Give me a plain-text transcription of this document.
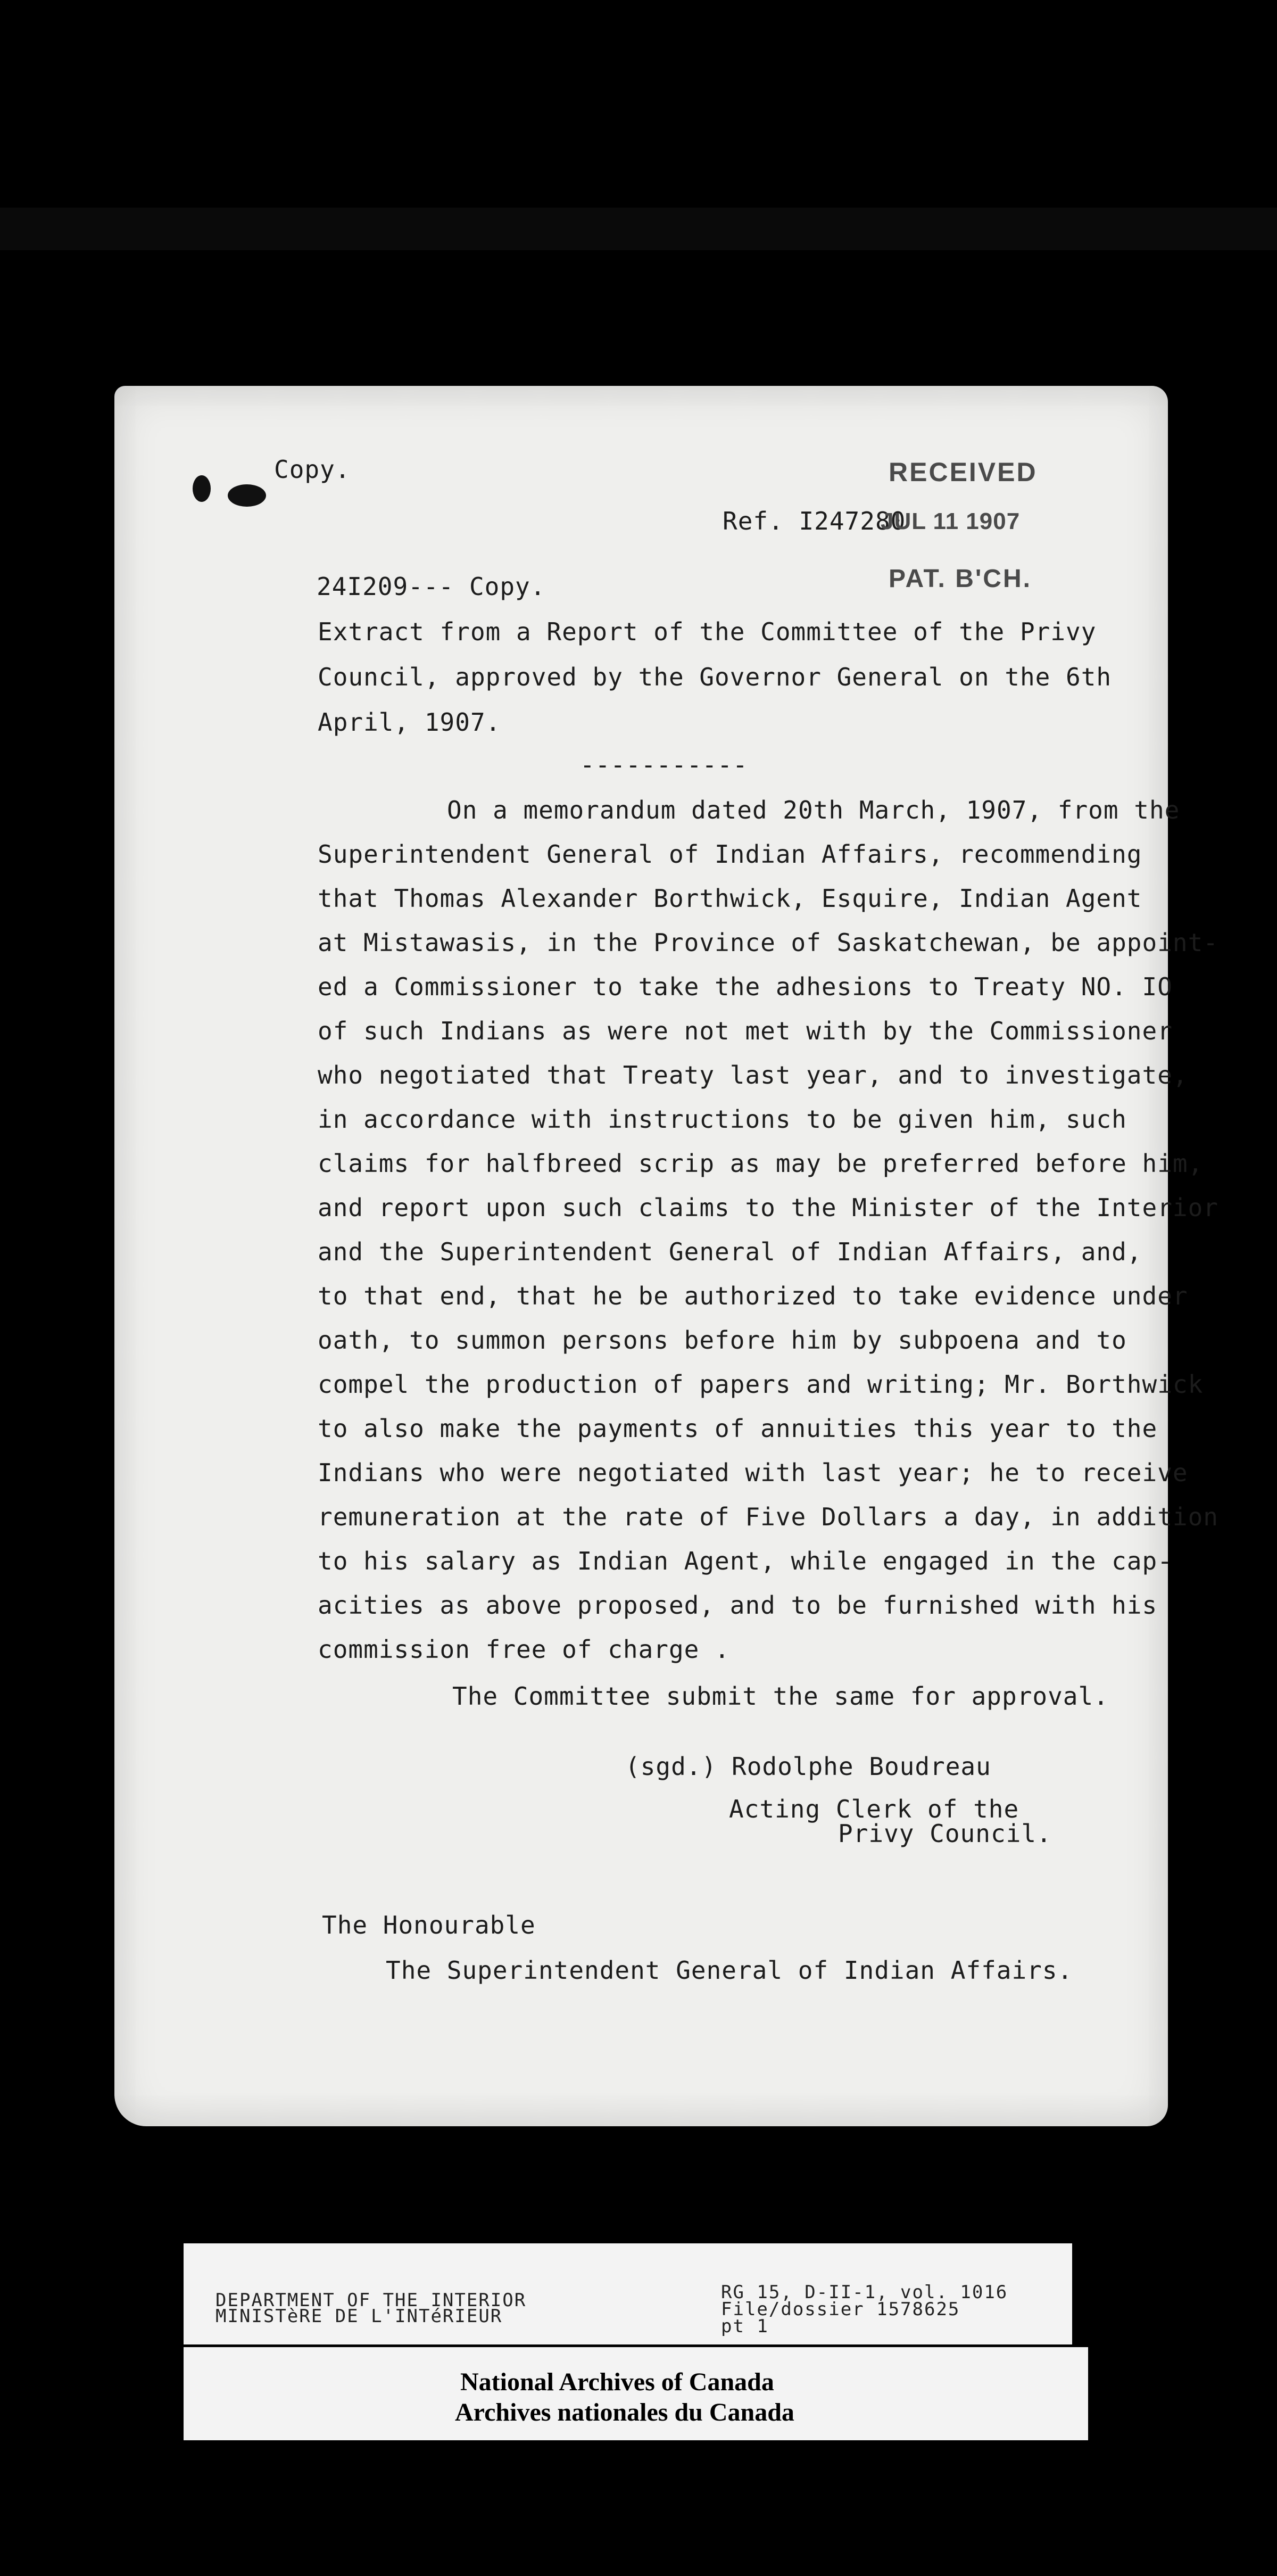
Copy.	RECEIVED
Ref. I247280
JUL 11 1907
24I209--- Copy.	PAT. B'CH.
Extract from a Report of the Committee of the Privy
Council, approved by the Governor General on the 6th
April, 1907.
-----------
On a memorandum dated 20th March, 1907, from the
Superintendent General of Indian Affairs, recommending
that Thomas Alexander Borthwick, Esquire, Indian Agent
at Mistawasis, in the Province of Saskatchewan, be appoint-
ed a Commissioner to take the adhesions to Treaty NO. IO
of such Indians as were not met with by the Commissioner
who negotiated that Treaty last year, and to investigate,
in accordance with instructions to be given him, such
claims for halfbreed scrip as may be preferred before him,
and report upon such claims to the Minister of the Interior
and the Superintendent General of Indian Affairs, and,
to that end, that he be authorized to take evidence under
oath, to summon persons before him by subpoena and to
compel the production of papers and writing; Mr. Borthwick
to also make the payments of annuities this year to the
Indians who were negotiated with last year; he to receive
remuneration at the rate of Five Dollars a day, in addition
to his salary as Indian Agent, while engaged in the cap-
acities as above proposed, and to be furnished with his
commission free of charge .
The Committee submit the same for approval.
(sgd.) Rodolphe Boudreau
Acting Clerk of the
Privy Council.
The Honourable
The Superintendent General of Indian Affairs.
DEPARTMENT OF THE INTERIOR
MINISTèRE DE L'INTéRIEUR
RG 15, D-II-1, vol. 1016
File/dossier 1578625
pt 1
National Archives of Canada
Archives nationales du Canada
